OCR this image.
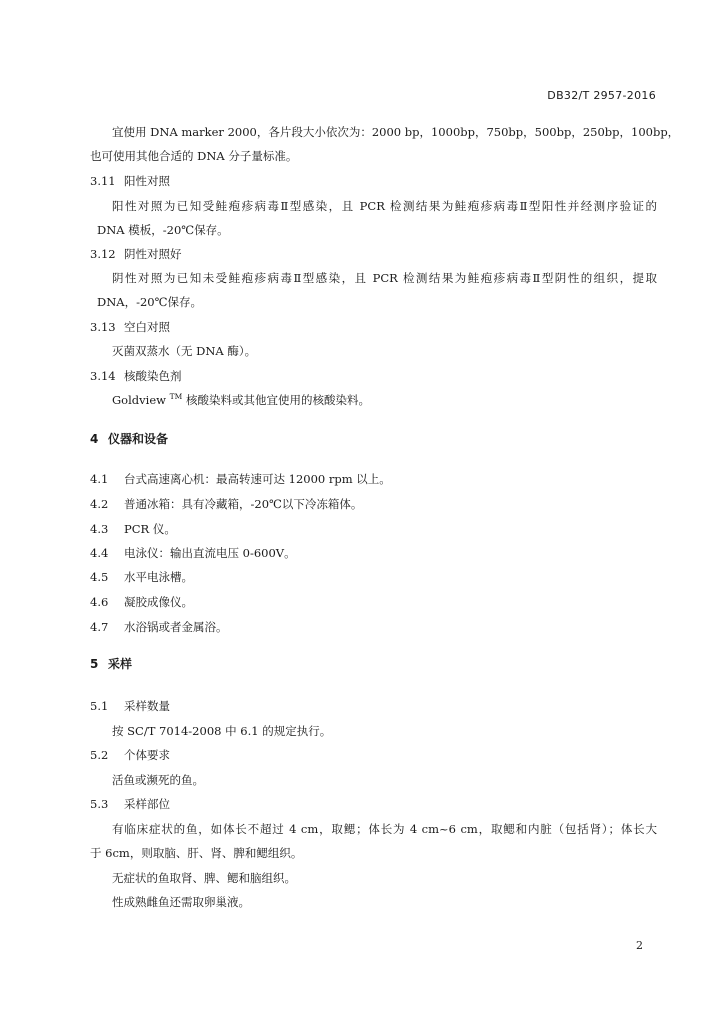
DB32/T 2957-2016
宜使用 DNA marker 2000，各片段大小依次为：2000 bp，1000bp，750bp，500bp，250bp，100bp，
也可使用其他合适的 DNA 分子量标准。
3.11 阳性对照
阳性对照为已知受鲑疱疹病毒Ⅱ型感染，且 PCR 检测结果为鲑疱疹病毒Ⅱ型阳性并经测序验证的
DNA 模板，-20℃保存。
3.12 阴性对照好
阴性对照为已知未受鲑疱疹病毒Ⅱ型感染，且 PCR 检测结果为鲑疱疹病毒Ⅱ型阴性的组织，提取
DNA，-20℃保存。
3.13 空白对照
灭菌双蒸水（无 DNA 酶）。
3.14 核酸染色剂
Goldview ™ 核酸染料或其他宜使用的核酸染料。
4 仪器和设备
4.1 台式高速离心机：最高转速可达 12000 rpm 以上。
4.2 普通冰箱：具有冷藏箱，-20℃以下冷冻箱体。
4.3 PCR 仪。
4.4 电泳仪：输出直流电压 0-600V。
4.5 水平电泳槽。
4.6 凝胶成像仪。
4.7 水浴锅或者金属浴。
5 采样
5.1 采样数量
按 SC/T 7014-2008 中 6.1 的规定执行。
5.2 个体要求
活鱼或濒死的鱼。
5.3 采样部位
有临床症状的鱼，如体长不超过 4 cm，取鳃；体长为 4 cm~6 cm，取鳃和内脏（包括肾）；体长大
于 6cm，则取脑、肝、肾、脾和鳃组织。
无症状的鱼取肾、脾、鳃和脑组织。
性成熟雌鱼还需取卵巢液。
2
